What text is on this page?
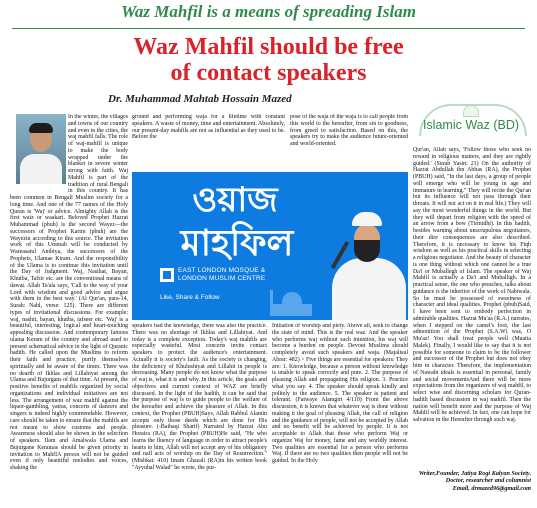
Waz Mahfil is a means of spreading Islam
Waz Mahfil should be free
of contact speakers
Dr. Muhammad Mahtab Hossain Mazed
Islamic Waz (BD)

In the winter, the villages and towns of our country and even in the cities, the waj mahfil falls. The role of waj-mahfil is unique to make the body wrapped under the blanket in severe winter strong with faith. Waj Mahfil is part of the tradition of rural Bengali in this country. It has been common in Bengali Muslim society for a long time. And one of the 77 names of the Holy Quran is 'Waj' or advice. Almighty Allah is the first waiz or waakari. Beloved Prophet Hazrat Muhammad (pbuh) is the second Wayez—the successors of Prophet Karim (pbuh) are the Wayezin according to this source. The invitation work of this Ummah will be conducted by Wareasatul Ambiya, the successors of the Prophets, Ulamae Kiram. And the responsibility of the Ulama is to continue this invitation until the Day of Judgment. Waj, Nasihat, Bayan, Khutba, Tafsir etc. are the conventional means of dawat. Allah Ta'ala says, 'Call to the way of your Lord with wisdom and good advice and argue with them in the best way.' (Al Qur'an, para-14, Surah: Nahl, verse: 125). There are different types of invitational discussions. For example: waj, nashit, bayan, khutba, tafseer etc. 'Waj' is a beautiful, interesting, logical and heart-touching appealing discussion. And contemporary famous ulama Keram of the country and abroad used to present schematical advice in the light of Quranic hadith. He called upon the Muslims to reform their faith and practice, purify themselves spiritually and be aware of the times. There was no dearth of Ikhlas and Lillahiyat among the Ulama and Bujurgans of that time. At present, the positive benefits of mahfils organized by social organizations and individual initiatives are not less. The arrangement of waz mahfil against the liquor-gambling, yatras, concerts of dancers and singers is indeed highly commendable. However, care should be taken to ensure that the mahfils are not meant to show customs and people. Awareness should also be shown in the selection of speakers. Ilam and Amalwala Ulama and Bujurgane Keramas should be given priority in invitation to MahfIA person will not be guided even if only beautiful melodies and voices, shaking the

ground and performing waja for a lifetime with constant speakers. A waste of money, time and entertainment. Absolutely, our present-day mahfils are not as influential as they used to be. Before the

pose of the waja of the waja is to call people from this world to the hereafter, from sin to goodness, from greed to satisfaction. Based on this, the speakers try to make the audience future-oriented and world-oriented.

ওয়াজ
মাহফিল
EAST LONDON MOSQUE &
LONDON MUSLIM CENTRE
Like, Share & Follow

speakers had the knowledge, there was also the practice. There was no shortage of Ikhlas and Lillahiyat. And today is a complete exception. Today's waj mahfils are especially wasteful. Most concerts invite contact speakers to protect the audience's entertainment. Actually it is society's fault. As the society is changing, the deficiency of Khulushiyat and Lillahit in people is decreasing. Many people do not know what the purpose of waj is, what it is and why. In this article, the goals and objectives and current context of WAZ are briefly discussed. In the light of the hadith, it can be said that the purpose of waj is to guide people to the welfare of the hereafter and achieve the pleasure of Allah. In this context, the Prophet (PBUH)Says, Allah Rabbul Alamin accepts only those deeds which are done for His pleasure. (-Baihaqi Sharif) Narrated by Hazrat Abu Horaira (RA), the Prophet (PBUH)He said, "He who learns the fluency of language in order to attract people's hearts to him, Allah will not accept any of his obligatory and nafl acts of worship on the Day of Resurrection." (Mishkat: 410) Imam Ghazali (RA)in his written book "Ayyuhal Walad" he wrote, the pur-

Initiation of worship and piety. Above all, seek to change the state of mind. This is the real waz. And the speaker who performs waj without such intention, his waj will become a burden on people. Devout Muslims should completely avoid such speakers and waja. (Majalisul Abrar: 482) > Five things are essential for speakers: They are: 1. Knowledge, because a person without knowledge is unable to speak correctly and pure. 2. The purpose of pleasing Allah and propagating His religion. 3. Practice what you say. 4. The speaker should speak kindly and politely to the audience. 5. The speaker is patient and tolerant. (Fatwaye Alamgiri 4/110) From the above discussion, it is known that whatever waj is done without making it the goal of pleasing Allah, the call of religion and the guidance of people, will not be accepted by Allah and no benefit will be achieved by people. It is not acceptable to Allah that those who perform Waj or organize Waj for money, fame and any worldly interest. Two qualities are essential for a person who performs Waj. If there are no two qualities then people will not be guided. In the Holy

Qur'an, Allah says, 'Follow those who seek no reward in religious matters, and they are rightly guided.' (Surah Yasin: 21) On the authority of Hazrat Abdullah ibn Abbas (RA), the Prophet (PBUH) said, "In the last days, a group of people will emerge who will be young in age and immature in learning." They will recite the Qur'an but its influence will not pass through their throats. It will not act on it in real life.) They will say the most wonderful things in the world. But they will depart from religion with the speed of an arrow from a bow (Tirmidhi). In this hadith, besides warning about unscrupulous negotiators, their dire consequences are also described. Therefore, it is necessary to know his Fiqh wisdom as well as his practical skills in selecting a religious negotiator. And the beauty of character is one thing without which one cannot be a true Da'i or Muballegh of Islam. The speaker of Waj Mahfil is actually a Da'i and Muballigh. In a practical sense, the one who preaches, talks about guidance is the inheritor of the work of Nabiwala. So he must be possessed of sweetness of character and ideal qualities. Prophet (pbuh)Said, I have been sent to embody perfection in admirable qualities. Hazrat Mu'aa (R.A.) narrates, when I stepped on the camel's foot, the last admonition of the Prophet (S.A.W) was, O Mu'az! You shall treat people well (Muatta Malek). Finally, I would like to say that it is not possible for someone to claim to be the follower and successor of the Prophet but does not obey him in character. Therefore, the implementation of Nawabi ideals is essential in personal, family and social movementsAnd there will be more expectations from the organizers of waj mahfil, to select wise and discerning scholars for Quran-hadith based discussion in waj mahfil. Then the nation will benefit more and the purpose of Waj Mahfil will be achieved. In fact, one can hope for salvation in the Hereafter through such waj.

Writer,Founder, Jatiya Rogi Kalyan Society.
Doctor, researcher and columnist
Email, drmazed96@gmail.com
